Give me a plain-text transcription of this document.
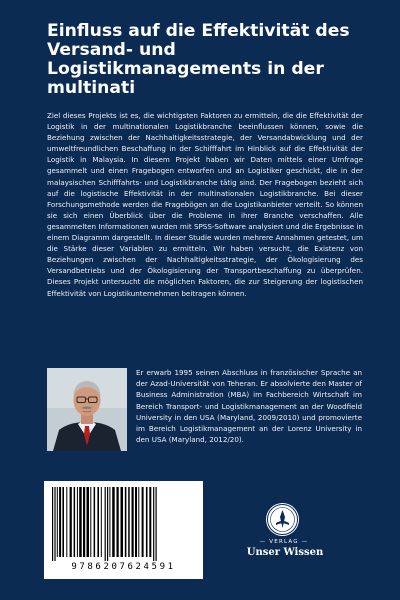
Einfluss auf die Effektivität des Versand- und Logistikmanagements in der multinati

Ziel dieses Projekts ist es, die wichtigsten Faktoren zu ermitteln, die die Effektivität der Logistik in der multinationalen Logistikbranche beeinflussen können, sowie die Beziehung zwischen der Nachhaltigkeitsstrategie, der Versandabwicklung und der umweltfreundlichen Beschaffung in der Schifffahrt im Hinblick auf die Effektivität der Logistik in Malaysia. In diesem Projekt haben wir Daten mittels einer Umfrage gesammelt und einen Fragebogen entworfen und an Logistiker geschickt, die in der malaysischen Schifffahrts- und Logistikbranche tätig sind. Der Fragebogen bezieht sich auf die logistische Effektivität in der multinationalen Logistikbranche. Bei dieser Forschungsmethode werden die Fragebögen an die Logistikanbieter verteilt. So können sie sich einen Überblick über die Probleme in ihrer Branche verschaffen. Alle gesammelten Informationen wurden mit SPSS-Software analysiert und die Ergebnisse in einem Diagramm dargestellt. In dieser Studie wurden mehrere Annahmen getestet, um die Stärke dieser Variablen zu ermitteln. Wir haben versucht, die Existenz von Beziehungen zwischen der Nachhaltigkeitsstrategie, der Ökologisierung des Versandbetriebs und der Ökologisierung der Transportbeschaffung zu überprüfen. Dieses Projekt untersucht die möglichen Faktoren, die zur Steigerung der logistischen Effektivität von Logistikunternehmen beitragen können.

Er erwarb 1995 seinen Abschluss in französischer Sprache an der Azad-Universität von Teheran. Er absolvierte den Master of Business Administration (MBA) im Fachbereich Wirtschaft im Bereich Transport- und Logistikmanagement an der Woodfield University in den USA (Maryland, 2009/2010) und promovierte im Bereich Logistikmanagement an der Lorenz University in den USA (Maryland, 2012/20).

9786207624591
— VERLAG —
Unser Wissen
